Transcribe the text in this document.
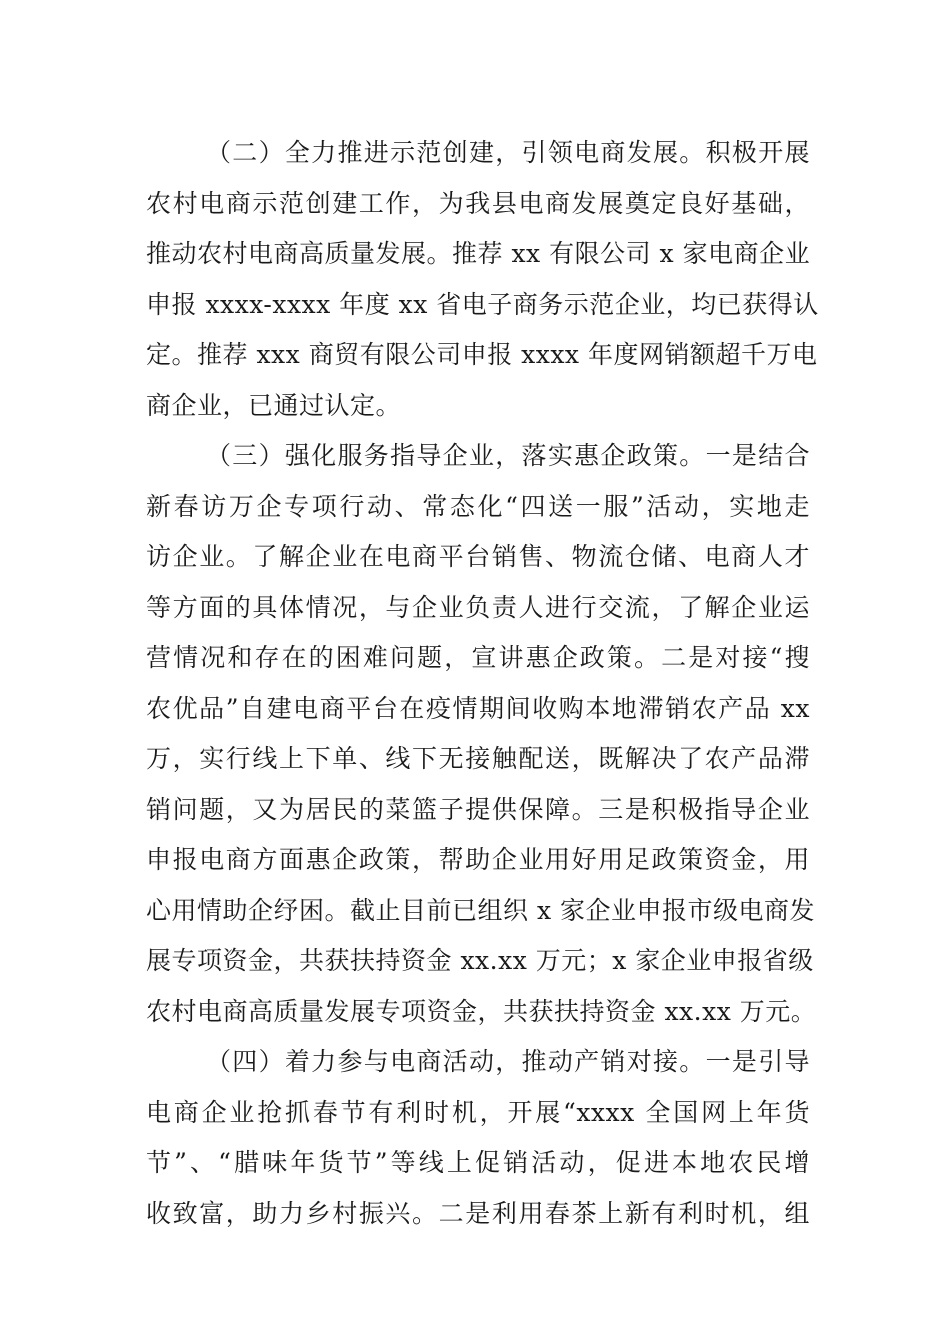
（二）全力推进示范创建，引领电商发展。积极开展
农村电商示范创建工作，为我县电商发展奠定良好基础，
推动农村电商高质量发展。推荐 xx 有限公司 x 家电商企业
申报 xxxx-xxxx 年度 xx 省电子商务示范企业，均已获得认
定。推荐 xxx 商贸有限公司申报 xxxx 年度网销额超千万电
商企业，已通过认定。
（三）强化服务指导企业，落实惠企政策。一是结合
新春访万企专项行动、常态化“四送一服”活动，实地走
访企业。了解企业在电商平台销售、物流仓储、电商人才
等方面的具体情况，与企业负责人进行交流，了解企业运
营情况和存在的困难问题，宣讲惠企政策。二是对接“搜
农优品”自建电商平台在疫情期间收购本地滞销农产品 xx
万，实行线上下单、线下无接触配送，既解决了农产品滞
销问题，又为居民的菜篮子提供保障。三是积极指导企业
申报电商方面惠企政策，帮助企业用好用足政策资金，用
心用情助企纾困。截止目前已组织 x 家企业申报市级电商发
展专项资金，共获扶持资金 xx.xx 万元；x 家企业申报省级
农村电商高质量发展专项资金，共获扶持资金 xx.xx 万元。
（四）着力参与电商活动，推动产销对接。一是引导
电商企业抢抓春节有利时机，开展“xxxx 全国网上年货
节”、“腊味年货节”等线上促销活动，促进本地农民增
收致富，助力乡村振兴。二是利用春茶上新有利时机，组
